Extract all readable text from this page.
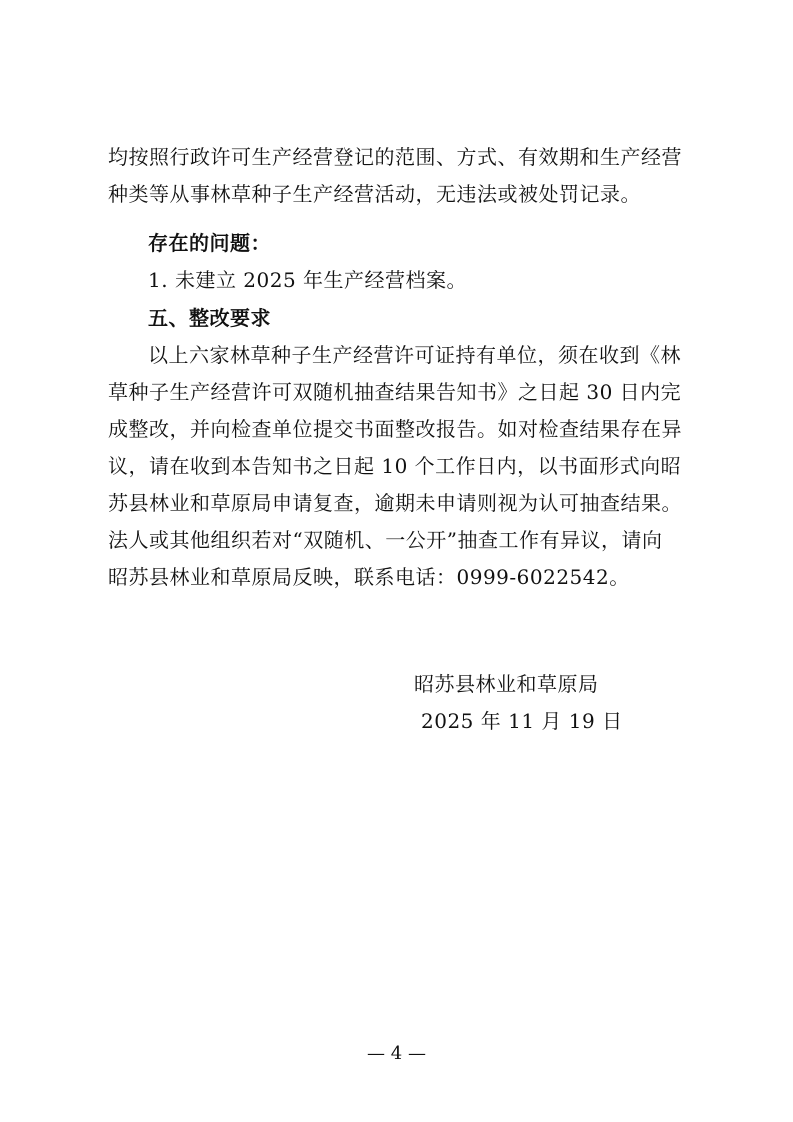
均按照行政许可生产经营登记的范围、方式、有效期和生产经营
种类等从事林草种子生产经营活动，无违法或被处罚记录。
存在的问题：
1. 未建立 2025 年生产经营档案。
五、整改要求
以上六家林草种子生产经营许可证持有单位，须在收到《林
草种子生产经营许可双随机抽查结果告知书》之日起 30 日内完
成整改，并向检查单位提交书面整改报告。如对检查结果存在异
议，请在收到本告知书之日起 10 个工作日内，以书面形式向昭
苏县林业和草原局申请复查，逾期未申请则视为认可抽查结果。
法人或其他组织若对“双随机、一公开”抽查工作有异议，请向
昭苏县林业和草原局反映，联系电话：0999-6022542。
昭苏县林业和草原局
2025 年 11 月 19 日
— 4 —
